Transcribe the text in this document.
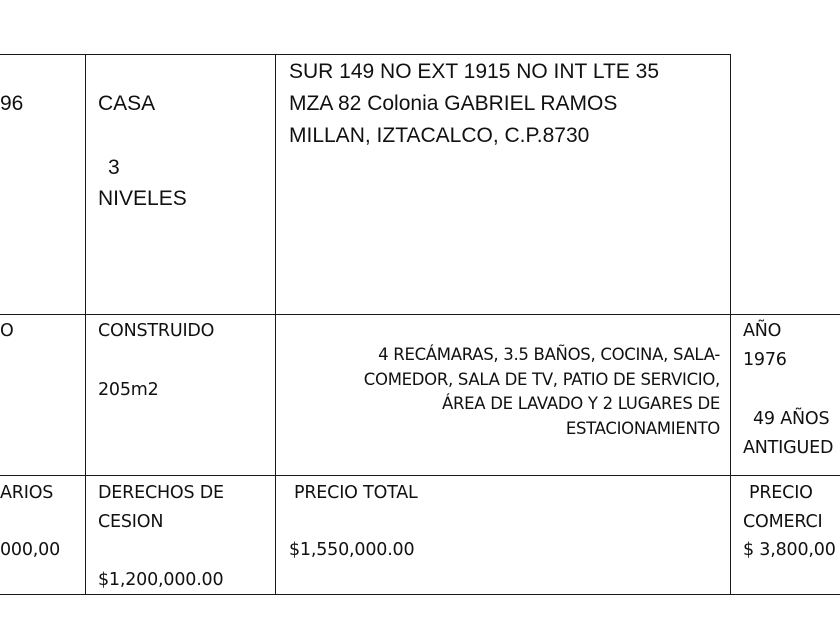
96	CASA
3
NIVELES
SUR 149 NO EXT 1915 NO INT LTE 35
MZA 82 Colonia GABRIEL RAMOS
MILLAN, IZTACALCO, C.P.8730
O	CONSTRUIDO
205m2
4 RECÁMARAS, 3.5 BAÑOS, COCINA, SALA-
COMEDOR, SALA DE TV, PATIO DE SERVICIO,
ÁREA DE LAVADO Y 2 LUGARES DE
ESTACIONAMIENTO
AÑO
1976
49 AÑOS
ANTIGUED
ARIOS
000,00
DERECHOS DE
CESION
$1,200,000.00
PRECIO TOTAL
$1,550,000.00
PRECIO
COMERCI
$ 3,800,00
